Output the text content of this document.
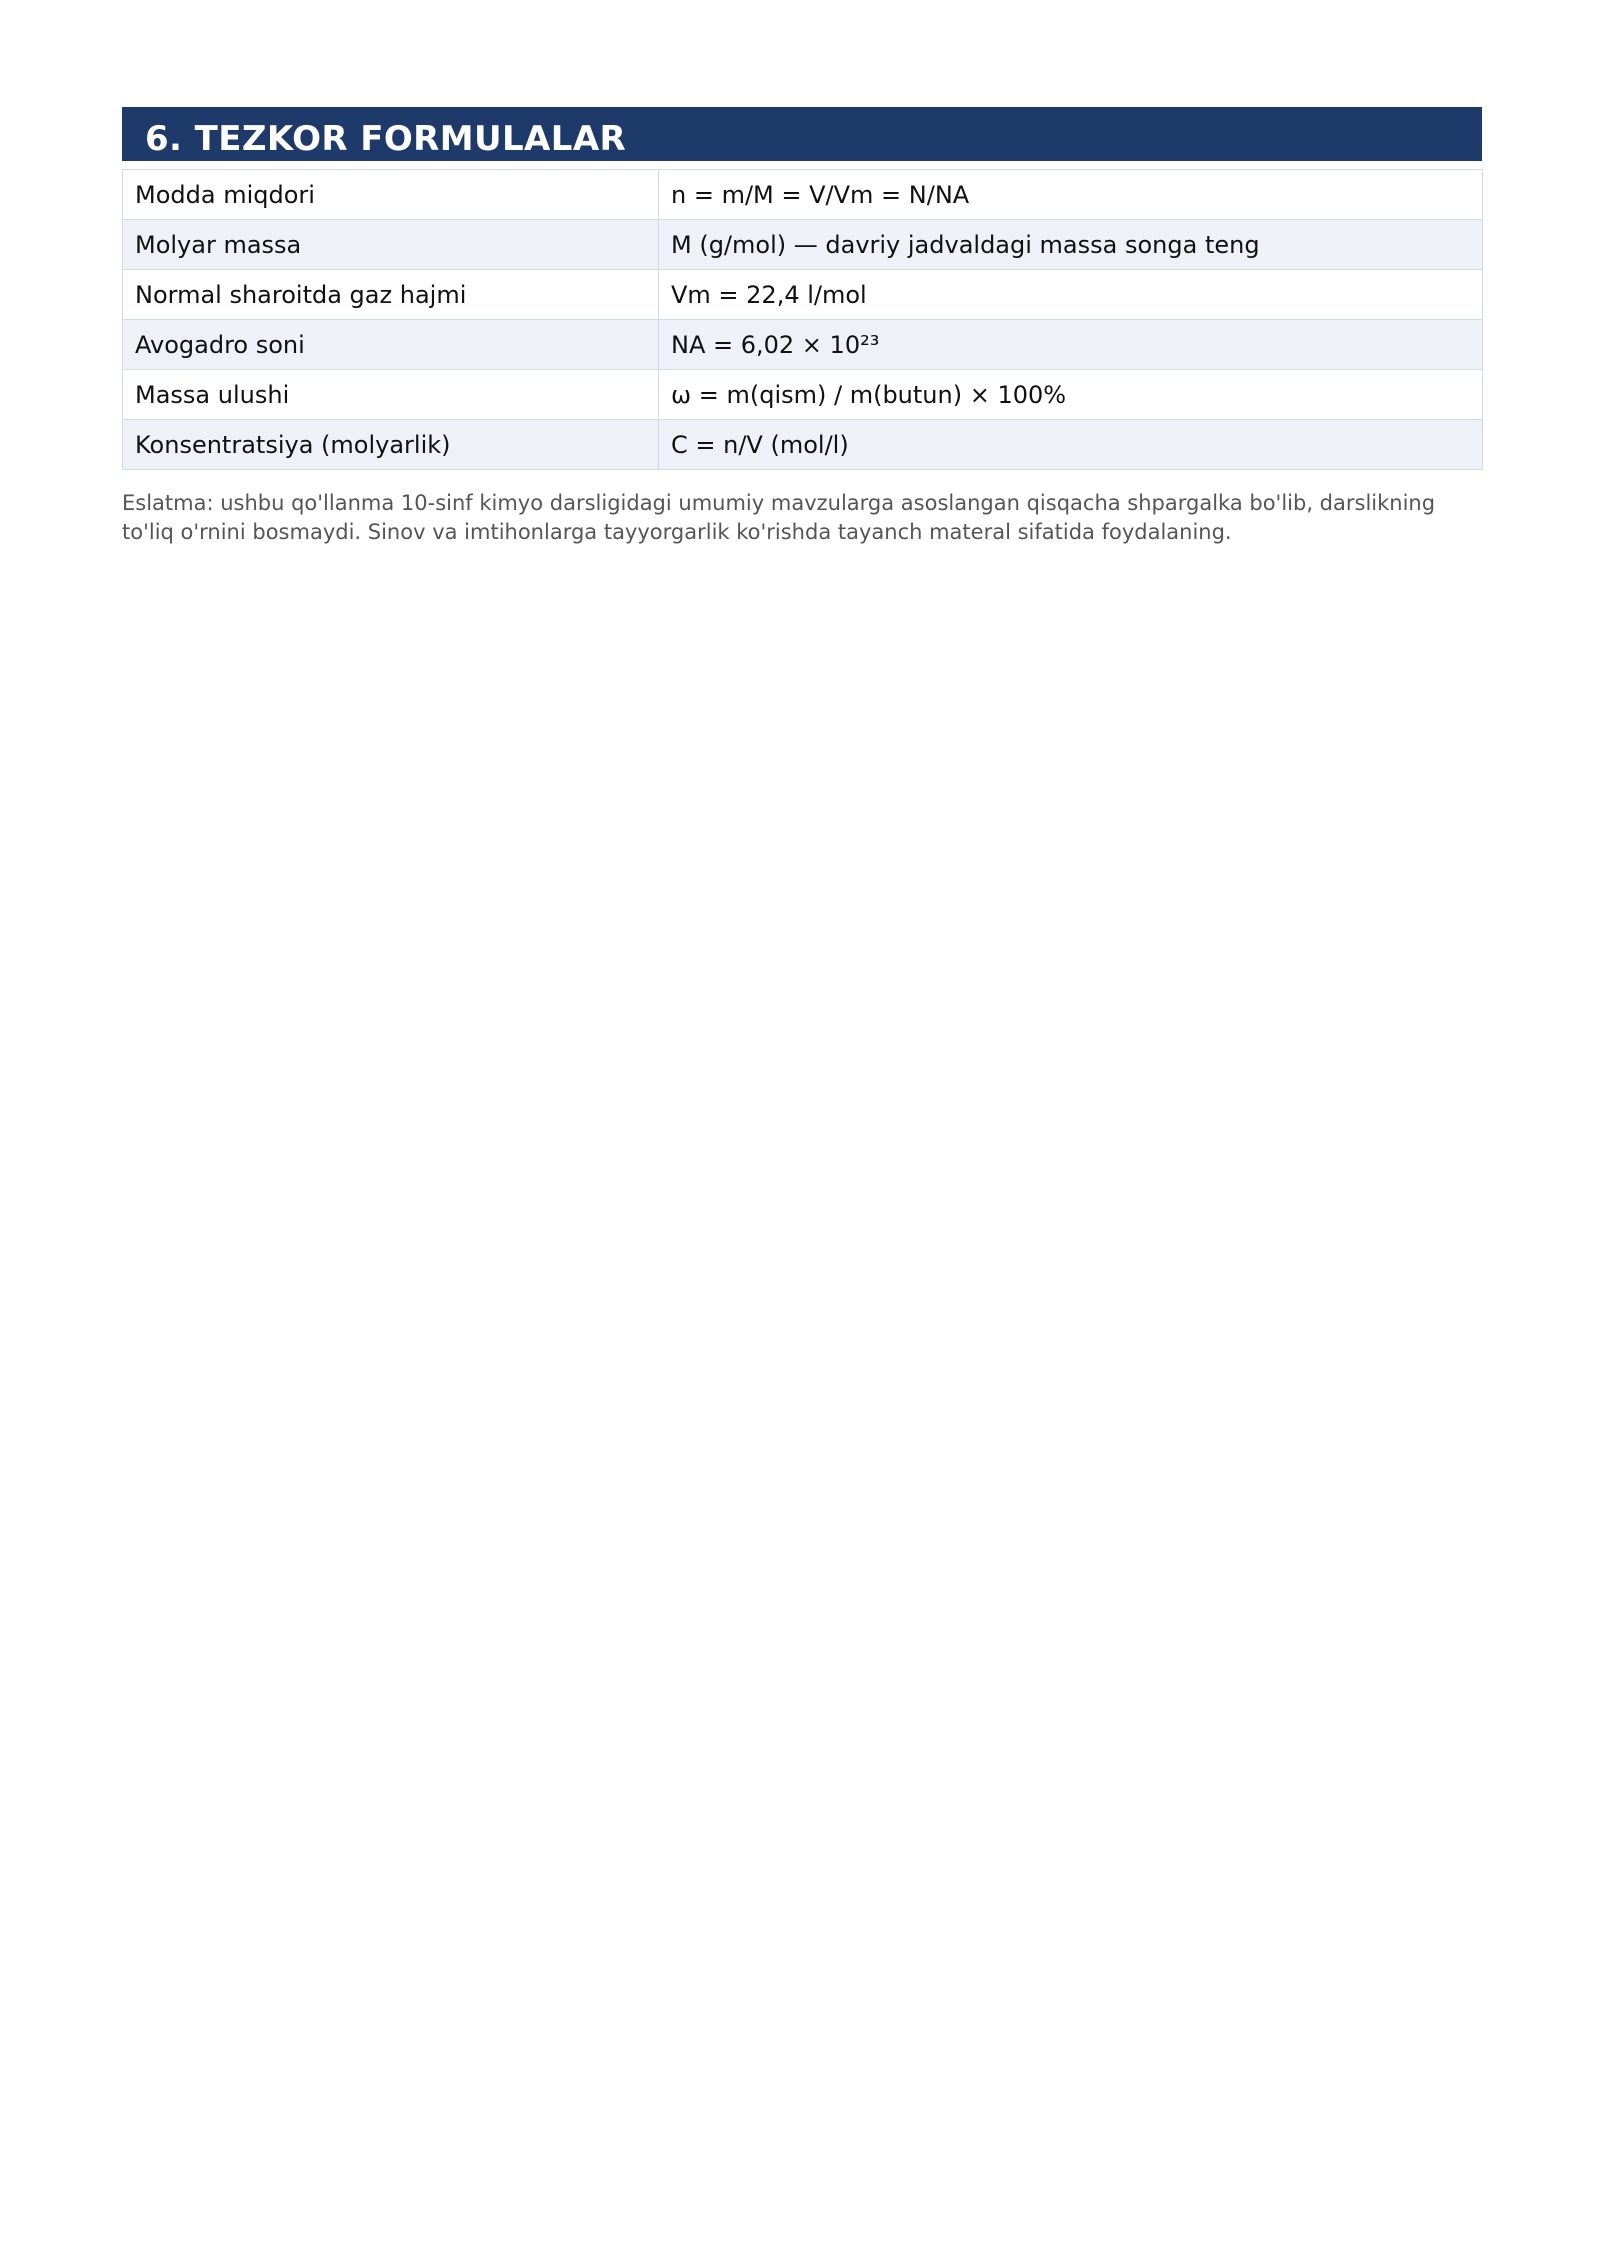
6. TEZKOR FORMULALAR
Modda miqdori	n = m/M = V/Vm = N/NA
Molyar massa	M (g/mol) — davriy jadvaldagi massa songa teng
Normal sharoitda gaz hajmi	Vm = 22,4 l/mol
Avogadro soni	NA = 6,02 × 10²³
Massa ulushi	ω = m(qism) / m(butun) × 100%
Konsentratsiya (molyarlik)	C = n/V (mol/l)

Eslatma: ushbu qo'llanma 10-sinf kimyo darsligidagi umumiy mavzularga asoslangan qisqacha shpargalka bo'lib, darslikning to'liq o'rnini bosmaydi. Sinov va imtihonlarga tayyorgarlik ko'rishda tayanch materal sifatida foydalaning.
